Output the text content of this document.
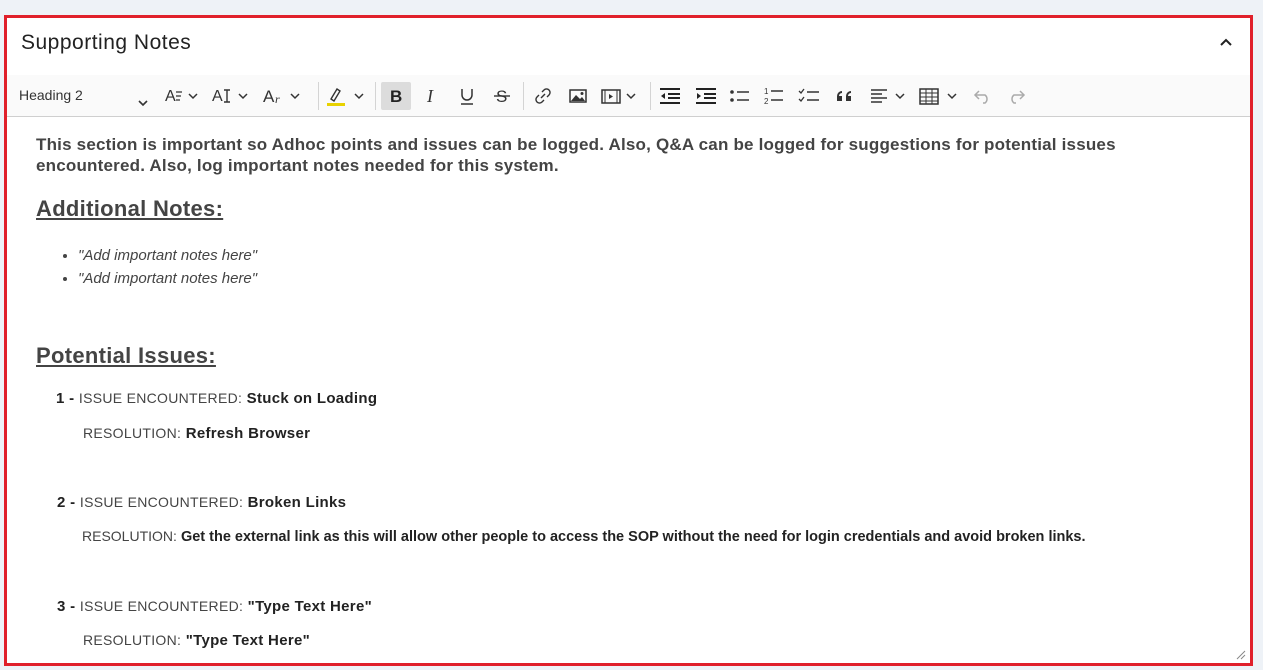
Supporting Notes
Heading 2	A A A r	B I	S	1
2

This section is important so Adhoc points and issues can be logged. Also, Q&A can be logged for suggestions for potential issues encountered. Also, log important notes needed for this system.

Additional Notes:
• "Add important notes here"
• "Add important notes here"
Potential Issues:
1 - ISSUE ENCOUNTERED: Stuck on Loading
RESOLUTION: Refresh Browser
2 - ISSUE ENCOUNTERED: Broken Links
RESOLUTION: Get the external link as this will allow other people to access the SOP without the need for login credentials and avoid broken links.
3 - ISSUE ENCOUNTERED: "Type Text Here"
RESOLUTION: "Type Text Here"
